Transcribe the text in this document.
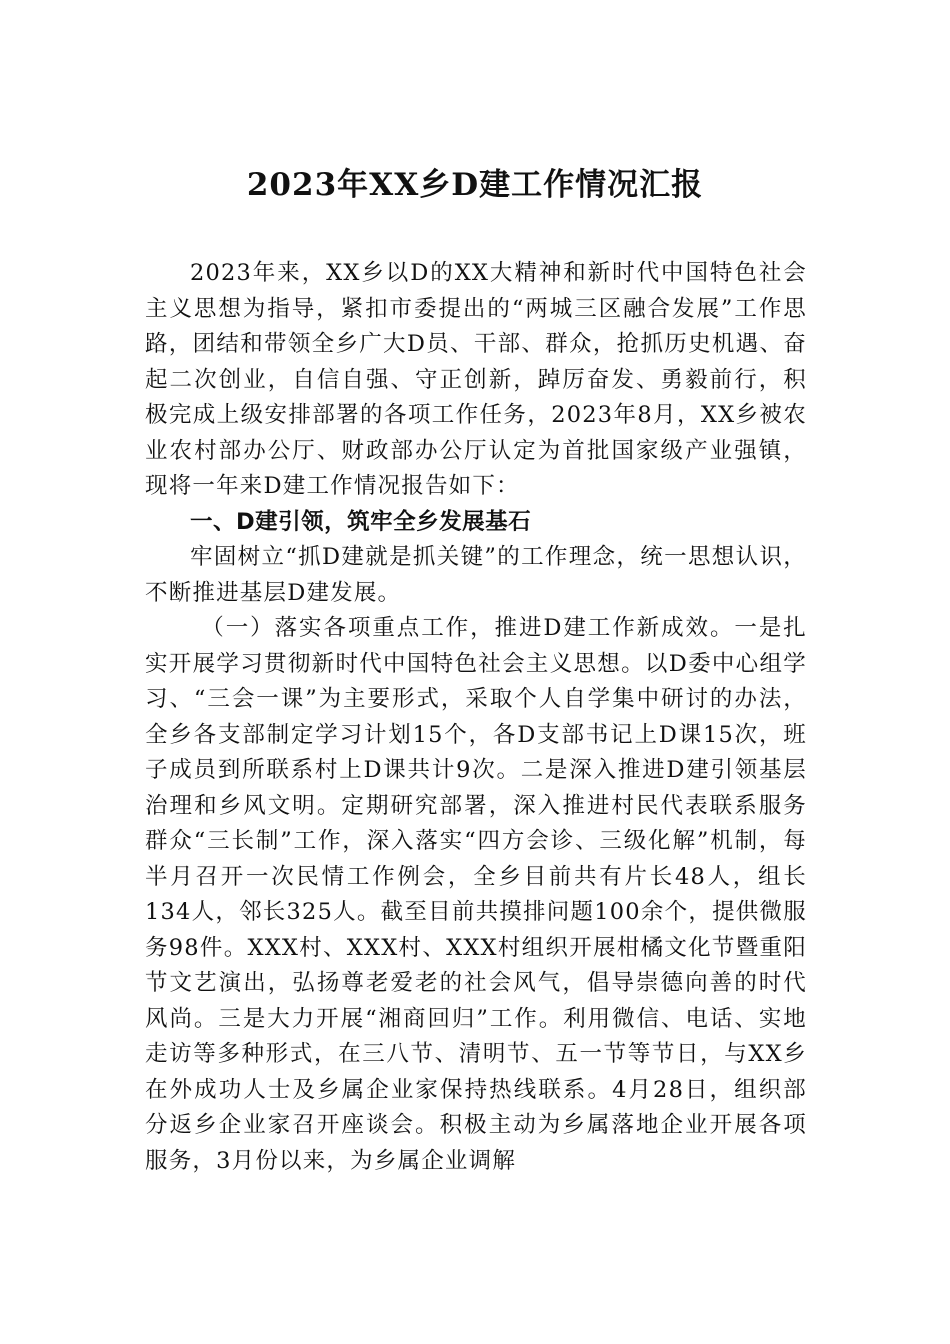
2023年XX乡D建工作情况汇报

2023年来，XX乡以D的XX大精神和新时代中国特色社会主义思想为指导，紧扣市委提出的“两城三区融合发展”工作思路，团结和带领全乡广大D员、干部、群众，抢抓历史机遇、奋起二次创业，自信自强、守正创新，踔厉奋发、勇毅前行，积极完成上级安排部署的各项工作任务，2023年8月，XX乡被农业农村部办公厅、财政部办公厅认定为首批国家级产业强镇，现将一年来D建工作情况报告如下：

一、D建引领，筑牢全乡发展基石

牢固树立“抓D建就是抓关键”的工作理念，统一思想认识，不断推进基层D建发展。

（一）落实各项重点工作，推进D建工作新成效。一是扎实开展学习贯彻新时代中国特色社会主义思想。以D委中心组学习、“三会一课”为主要形式，采取个人自学集中研讨的办法，全乡各支部制定学习计划15个，各D支部书记上D课15次，班子成员到所联系村上D课共计9次。二是深入推进D建引领基层治理和乡风文明。定期研究部署，深入推进村民代表联系服务群众“三长制”工作，深入落实“四方会诊、三级化解”机制，每半月召开一次民情工作例会，全乡目前共有片长48人，组长134人，邻长325人。截至目前共摸排问题100余个，提供微服务98件。XXX村、XXX村、XXX村组织开展柑橘文化节暨重阳节文艺演出，弘扬尊老爱老的社会风气，倡导崇德向善的时代风尚。三是大力开展“湘商回归”工作。利用微信、电话、实地走访等多种形式，在三八节、清明节、五一节等节日，与XX乡在外成功人士及乡属企业家保持热线联系。4月28日，组织部分返乡企业家召开座谈会。积极主动为乡属落地企业开展各项服务，3月份以来，为乡属企业调解
